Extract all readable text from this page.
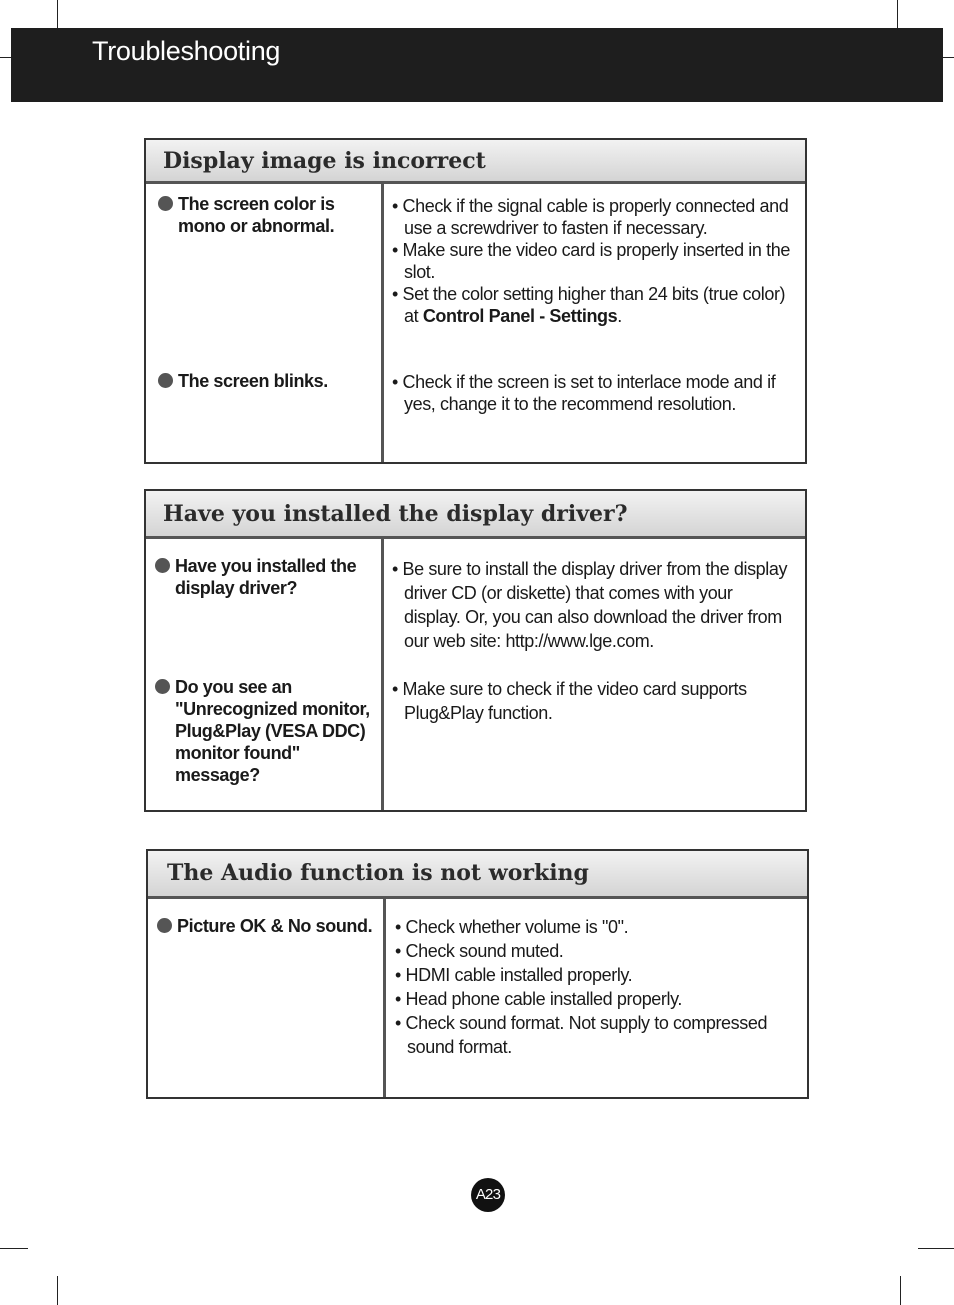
Troubleshooting
Display image is incorrect
The screen color is
mono or abnormal.
• Check if the signal cable is properly connected and use a screwdriver to fasten if necessary.
• Make sure the video card is properly inserted in the slot.
• Set the color setting higher than 24 bits (true color) at Control Panel - Settings.
The screen blinks.	• Check if the screen is set to interlace mode and if yes, change it to the recommend resolution.
Have you installed the display driver?
Have you installed the
display driver?
• Be sure to install the display driver from the display driver CD (or diskette) that comes with your display. Or, you can also download the driver from our web site: http://www.lge.com.
Do you see an
"Unrecognized monitor,
Plug&Play (VESA DDC)
monitor found"
message?
• Make sure to check if the video card supports Plug&Play function.
The Audio function is not working
Picture OK & No sound.	• Check whether volume is "0".
• Check sound muted.
• HDMI cable installed properly.
• Head phone cable installed properly.
• Check sound format. Not supply to compressed sound format.
A23
